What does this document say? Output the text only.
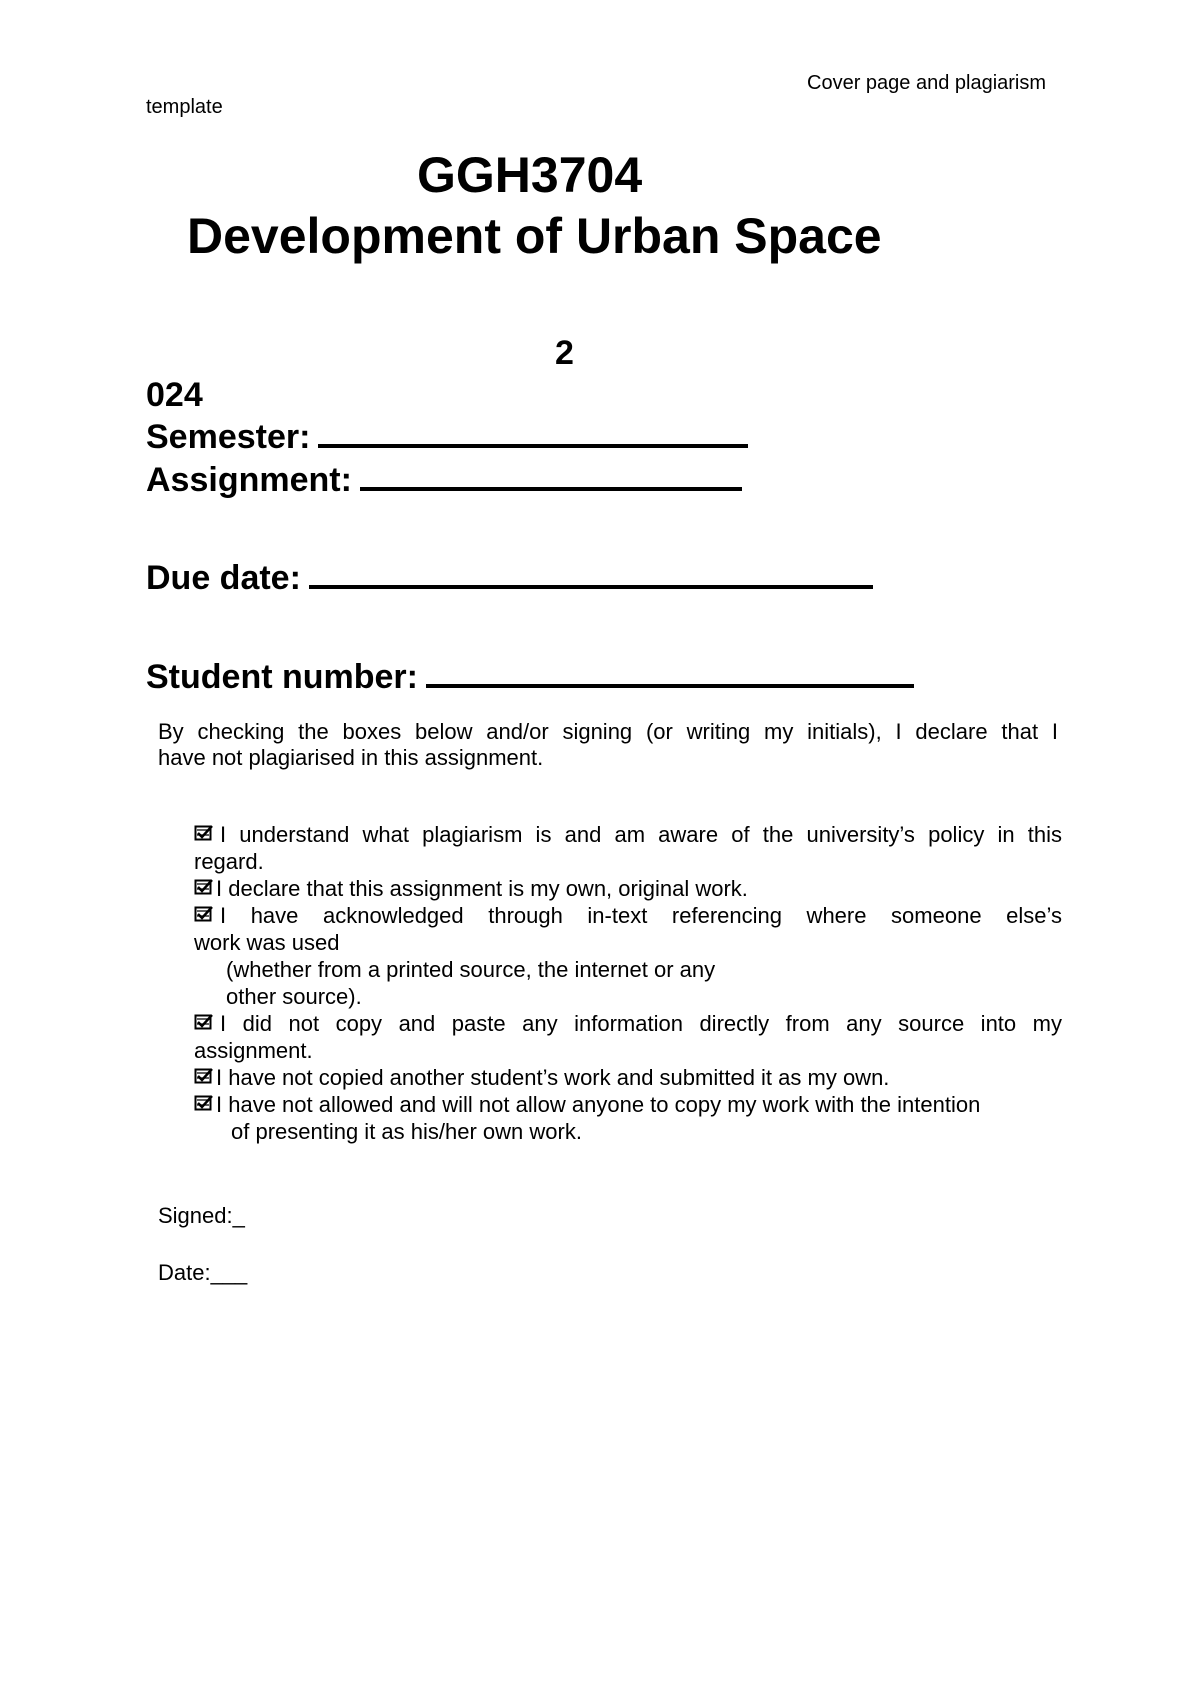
Cover page and plagiarism
template
GGH3704
Development of Urban Space
2
024
Semester:
Assignment:
Due date:
Student number:
By checking the boxes below and/or signing (or writing my initials), I declare that I
have not plagiarised in this assignment.
I understand what plagiarism is and am aware of the university’s policy in this
regard.
I declare that this assignment is my own, original work.
I have acknowledged through in-text referencing where someone else’s
work was used
(whether from a printed source, the internet or any
other source).
I did not copy and paste any information directly from any source into my
assignment.
I have not copied another student’s work and submitted it as my own.
I have not allowed and will not allow anyone to copy my work with the intention
of presenting it as his/her own work.
Signed:_
Date:___
